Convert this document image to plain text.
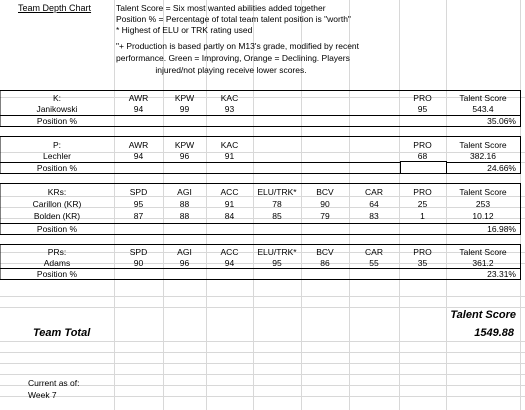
Team Depth Chart	Talent Score = Six most wanted abilities added together
Position % = Percentage of total team talent position is "worth"
* Highest of ELU or TRK rating used
"+ Production is based partly on M13's grade, modified by recent
performance. Green = Improving, Orange = Declining. Players
injured/not playing receive lower scores.
K:	AWR	KPW	KAC	PRO	Talent Score
Janikowski	94	99	93	95	543.4
Position %	35.06%
P:	AWR	KPW	KAC	PRO	Talent Score
Lechler	94	96	91	68	382.16
Position %	24.66%
KRs:	SPD	AGI	ACC	ELU/TRK*	BCV	CAR	PRO	Talent Score
Carillon (KR)	95	88	91	78	90	64	25	253
Bolden (KR)	87	88	84	85	79	83	1	10.12
Position %	16.98%
PRs:	SPD	AGI	ACC	ELU/TRK*	BCV	CAR	PRO	Talent Score
Adams	90	96	94	95	86	55	35	361.2
Position %	23.31%
Talent Score
Team Total	1549.88
Current as of:
Week 7
